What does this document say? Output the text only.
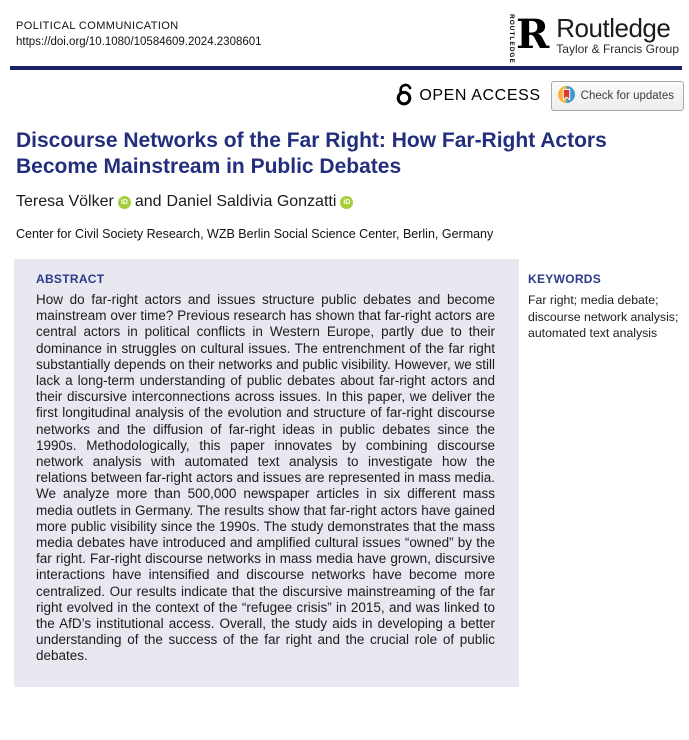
POLITICAL COMMUNICATION
https://doi.org/10.1080/10584609.2024.2308601	ROUTLEDGE R Routledge
Taylor & Francis Group
OPEN ACCESS	Check for updates
Discourse Networks of the Far Right: How Far-Right Actors Become Mainstream in Public Debates
Teresa Völker	iD and Daniel Saldivia Gonzatti	iD
Center for Civil Society Research, WZB Berlin Social Science Center, Berlin, Germany
ABSTRACT
How do far-right actors and issues structure public debates and become mainstream over time? Previous research has shown that far-right actors are central actors in political conflicts in Western Europe, partly due to their dominance in struggles on cultural issues. The entrenchment of the far right substantially depends on their networks and public visibility. However, we still lack a long-term understanding of public debates about far-right actors and their discursive interconnections across issues. In this paper, we deliver the first longitudinal analysis of the evolution and structure of far-right discourse networks and the diffusion of far-right ideas in public debates since the 1990s. Methodologically, this paper innovates by combining discourse network analysis with automated text analysis to investigate how the relations between far-right actors and issues are represented in mass media. We analyze more than 500,000 newspaper articles in six different mass media outlets in Germany. The results show that far-right actors have gained more public visibility since the 1990s. The study demonstrates that the mass media debates have introduced and amplified cultural issues “owned” by the far right. Far-right discourse networks in mass media have grown, discursive interactions have intensified and discourse networks have become more centralized. Our results indicate that the discursive mainstreaming of the far right evolved in the context of the “refugee crisis” in 2015, and was linked to the AfD’s institutional access. Overall, the study aids in developing a better understanding of the success of the far right and the crucial role of public debates.
KEYWORDS
Far right; media debate; discourse network analysis; automated text analysis
